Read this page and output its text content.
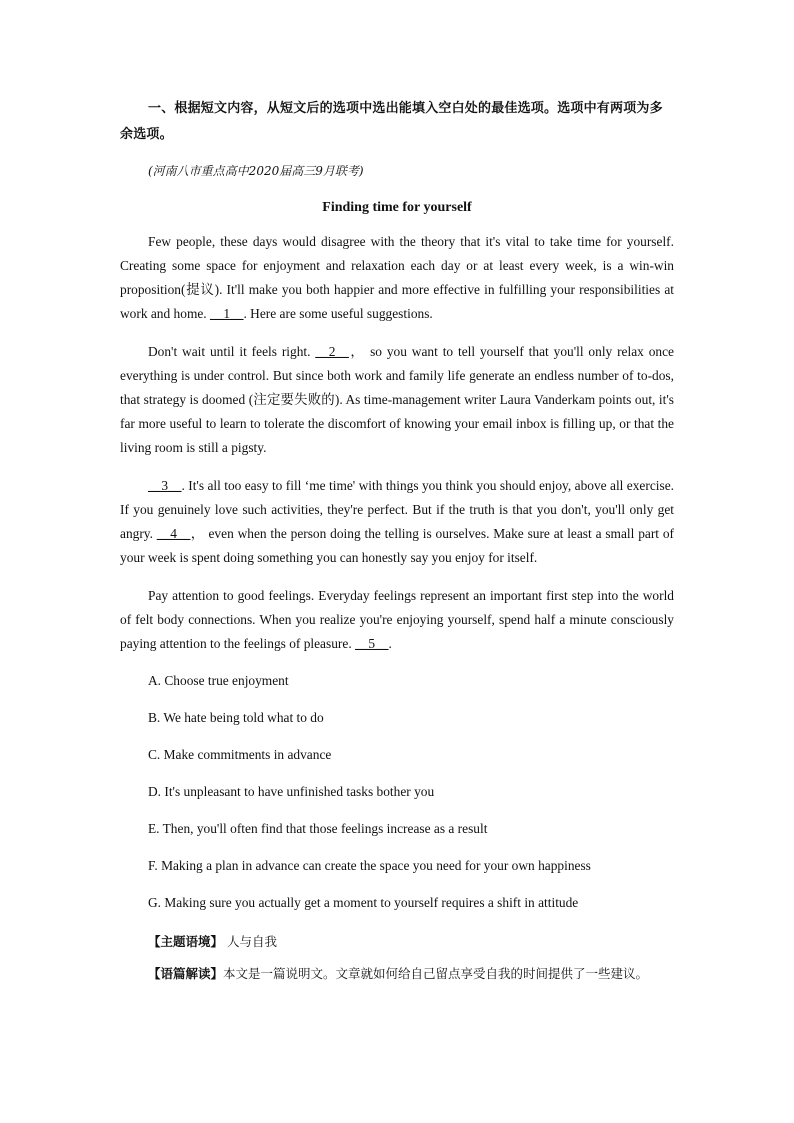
一、根据短文内容，从短文后的选项中选出能填入空白处的最佳选项。选项中有两项为多余选项。

(河南八市重点高中2020届高三9月联考)

Finding time for yourself

Few people, these days would disagree with the theory that it's vital to take time for yourself. Creating some space for enjoyment and relaxation each day or at least every week, is a win-win proposition(提议). It'll make you both happier and more effective in fulfilling your responsibilities at work and home. __1__. Here are some useful suggestions.

Don't wait until it feels right. __2__， so you want to tell yourself that you'll only relax once everything is under control. But since both work and family life generate an endless number of to-dos, that strategy is doomed (注定要失败的). As time-management writer Laura Vanderkam points out, it's far more useful to learn to tolerate the discomfort of knowing your email inbox is filling up, or that the living room is still a pigsty.

__3__. It's all too easy to fill ‘me time' with things you think you should enjoy, above all exercise. If you genuinely love such activities, they're perfect. But if the truth is that you don't, you'll only get angry. __4__， even when the person doing the telling is ourselves. Make sure at least a small part of your week is spent doing something you can honestly say you enjoy for itself.

Pay attention to good feelings. Everyday feelings represent an important first step into the world of felt body connections. When you realize you're enjoying yourself, spend half a minute consciously paying attention to the feelings of pleasure. __5__.

A. Choose true enjoyment

B. We hate being told what to do

C. Make commitments in advance

D. It's unpleasant to have unfinished tasks bother you

E. Then, you'll often find that those feelings increase as a result

F. Making a plan in advance can create the space you need for your own happiness

G. Making sure you actually get a moment to yourself requires a shift in attitude

【主题语境】 人与自我

【语篇解读】本文是一篇说明文。文章就如何给自己留点享受自我的时间提供了一些建议。
